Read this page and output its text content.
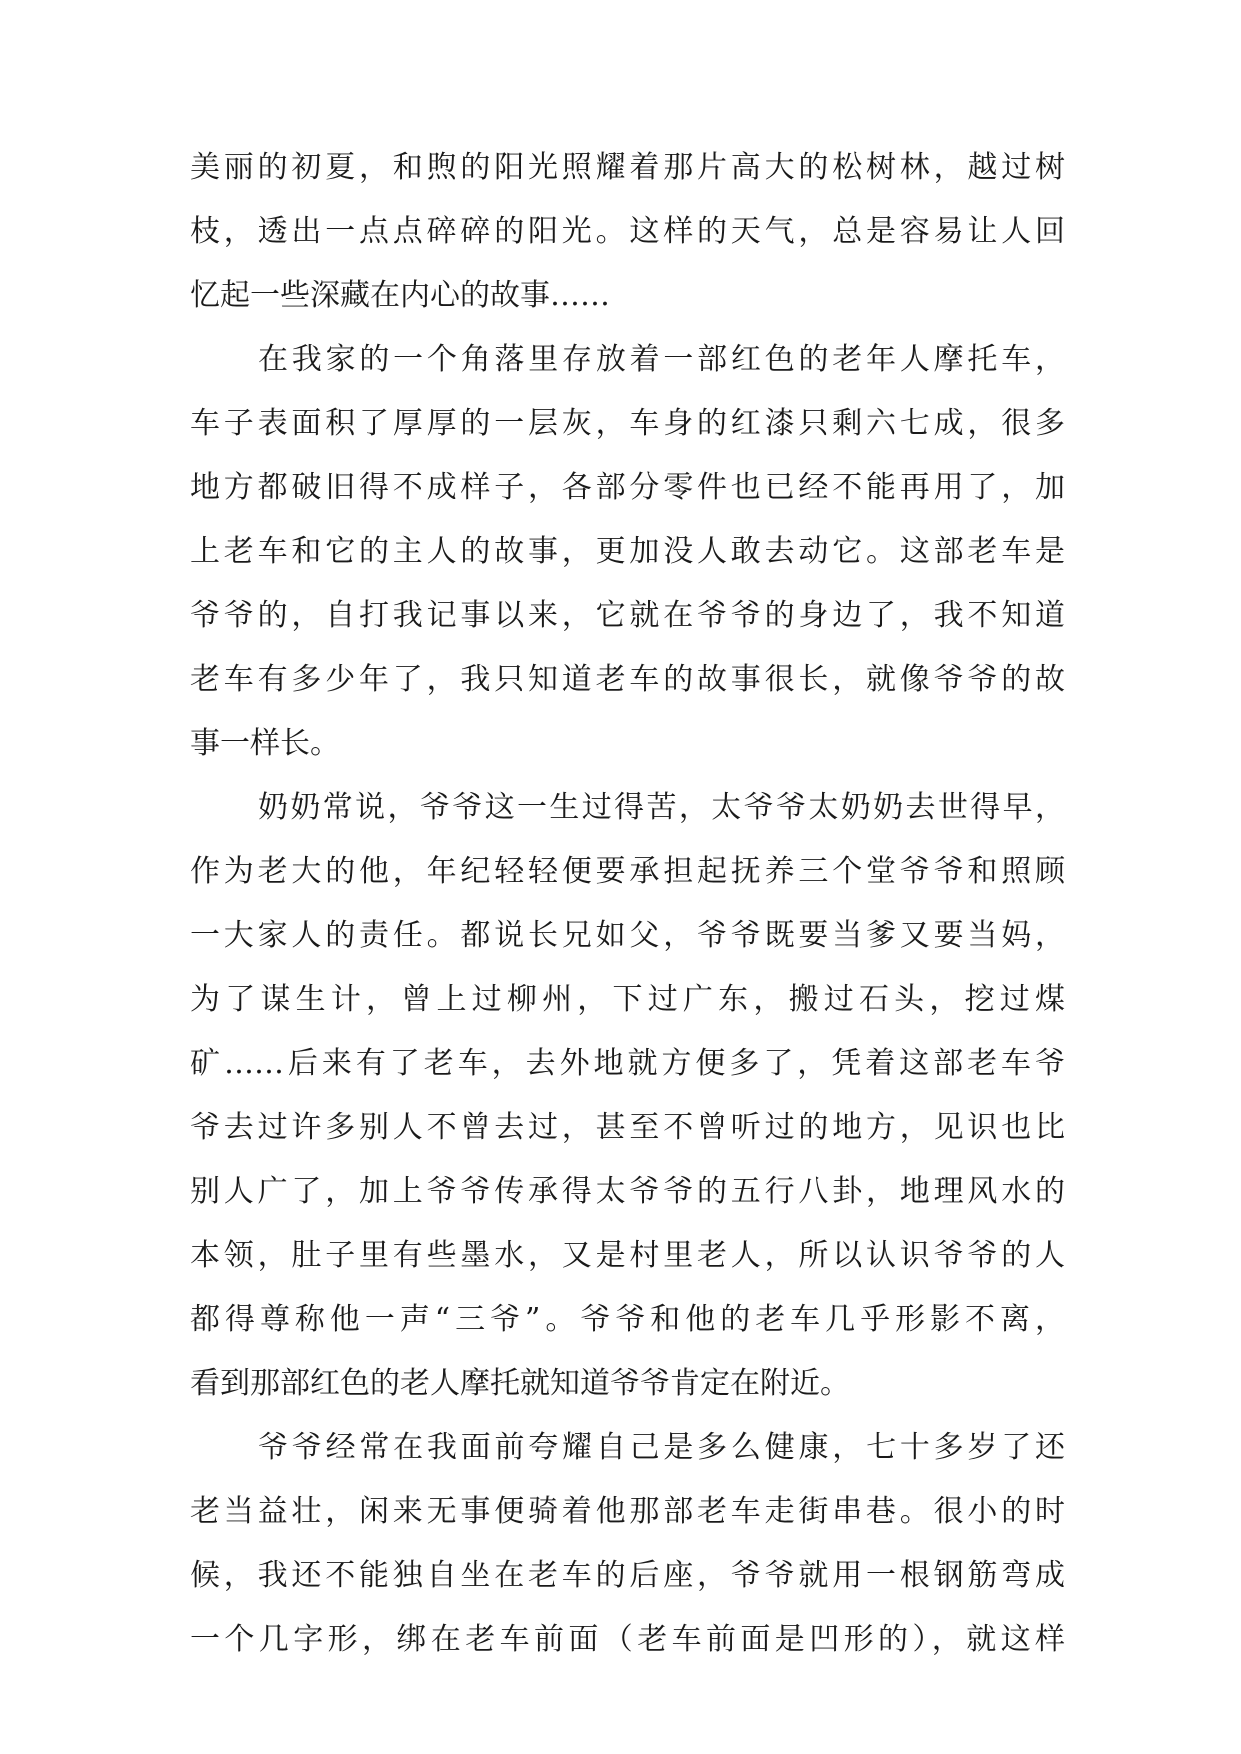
美丽的初夏，和煦的阳光照耀着那片高大的松树林，越过树
枝，透出一点点碎碎的阳光。这样的天气，总是容易让人回
忆起一些深藏在内心的故事……
在我家的一个角落里存放着一部红色的老年人摩托车，
车子表面积了厚厚的一层灰，车身的红漆只剩六七成，很多
地方都破旧得不成样子，各部分零件也已经不能再用了，加
上老车和它的主人的故事，更加没人敢去动它。这部老车是
爷爷的，自打我记事以来，它就在爷爷的身边了，我不知道
老车有多少年了，我只知道老车的故事很长，就像爷爷的故
事一样长。
奶奶常说，爷爷这一生过得苦，太爷爷太奶奶去世得早，
作为老大的他，年纪轻轻便要承担起抚养三个堂爷爷和照顾
一大家人的责任。都说长兄如父，爷爷既要当爹又要当妈，
为了谋生计，曾上过柳州，下过广东，搬过石头，挖过煤
矿……后来有了老车，去外地就方便多了，凭着这部老车爷
爷去过许多别人不曾去过，甚至不曾听过的地方，见识也比
别人广了，加上爷爷传承得太爷爷的五行八卦，地理风水的
本领，肚子里有些墨水，又是村里老人，所以认识爷爷的人
都得尊称他一声“三爷”。爷爷和他的老车几乎形影不离，
看到那部红色的老人摩托就知道爷爷肯定在附近。
爷爷经常在我面前夸耀自己是多么健康，七十多岁了还
老当益壮，闲来无事便骑着他那部老车走街串巷。很小的时
候，我还不能独自坐在老车的后座，爷爷就用一根钢筋弯成
一个几字形，绑在老车前面（老车前面是凹形的），就这样
